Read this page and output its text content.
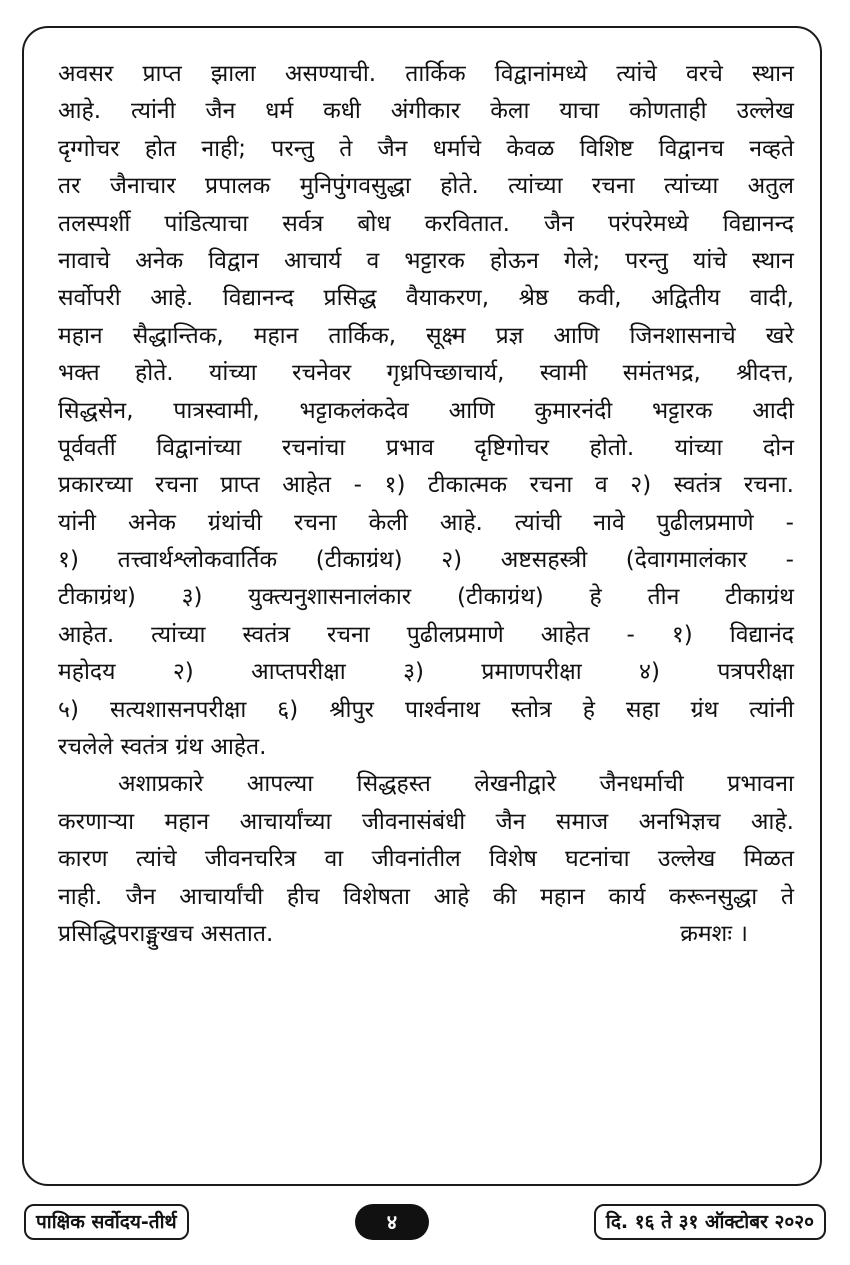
अवसर प्राप्त झाला असण्याची. तार्किक विद्वानांमध्ये त्यांचे वरचे स्थान
आहे. त्यांनी जैन धर्म कधी अंगीकार केला याचा कोणताही उल्लेख
दृग्गोचर होत नाही; परन्तु ते जैन धर्माचे केवळ विशिष्ट विद्वानच नव्हते
तर जैनाचार प्रपालक मुनिपुंगवसुद्धा होते. त्यांच्या रचना त्यांच्या अतुल
तलस्पर्शी पांडित्याचा सर्वत्र बोध करवितात. जैन परंपरेमध्ये विद्यानन्द
नावाचे अनेक विद्वान आचार्य व भट्टारक होऊन गेले; परन्तु यांचे स्थान
सर्वोपरी आहे. विद्यानन्द प्रसिद्ध वैयाकरण, श्रेष्ठ कवी, अद्वितीय वादी,
महान सैद्धान्तिक, महान तार्किक, सूक्ष्म प्रज्ञ आणि जिनशासनाचे खरे
भक्त होते. यांच्या रचनेवर गृध्रपिच्छाचार्य, स्वामी समंतभद्र, श्रीदत्त,
सिद्धसेन, पात्रस्वामी, भट्टाकलंकदेव आणि कुमारनंदी भट्टारक आदी
पूर्ववर्ती विद्वानांच्या रचनांचा प्रभाव दृष्टिगोचर होतो. यांच्या दोन
प्रकारच्या रचना प्राप्त आहेत - १) टीकात्मक रचना व २) स्वतंत्र रचना.
यांनी अनेक ग्रंथांची रचना केली आहे. त्यांची नावे पुढीलप्रमाणे -
१) तत्त्वार्थश्लोकवार्तिक (टीकाग्रंथ) २) अष्टसहस्त्री (देवागमालंकार -
टीकाग्रंथ) ३) युक्त्यनुशासनालंकार (टीकाग्रंथ) हे तीन टीकाग्रंथ
आहेत. त्यांच्या स्वतंत्र रचना पुढीलप्रमाणे आहेत - १) विद्यानंद
महोदय २) आप्तपरीक्षा ३) प्रमाणपरीक्षा ४) पत्रपरीक्षा
५) सत्यशासनपरीक्षा ६) श्रीपुर पार्श्वनाथ स्तोत्र हे सहा ग्रंथ त्यांनी
रचलेले स्वतंत्र ग्रंथ आहेत.
अशाप्रकारे आपल्या सिद्धहस्त लेखनीद्वारे जैनधर्माची प्रभावना
करणाऱ्या महान आचार्यांच्या जीवनासंबंधी जैन समाज अनभिज्ञच आहे.
कारण त्यांचे जीवनचरित्र वा जीवनांतील विशेष घटनांचा उल्लेख मिळत
नाही. जैन आचार्यांची हीच विशेषता आहे की महान कार्य करूनसुद्धा ते
प्रसिद्धिपराङ्मुखच असतात.	क्रमशः ।
पाक्षिक सर्वोदय-तीर्थ	४	दि. १६ ते ३१ ऑक्टोबर २०२०
